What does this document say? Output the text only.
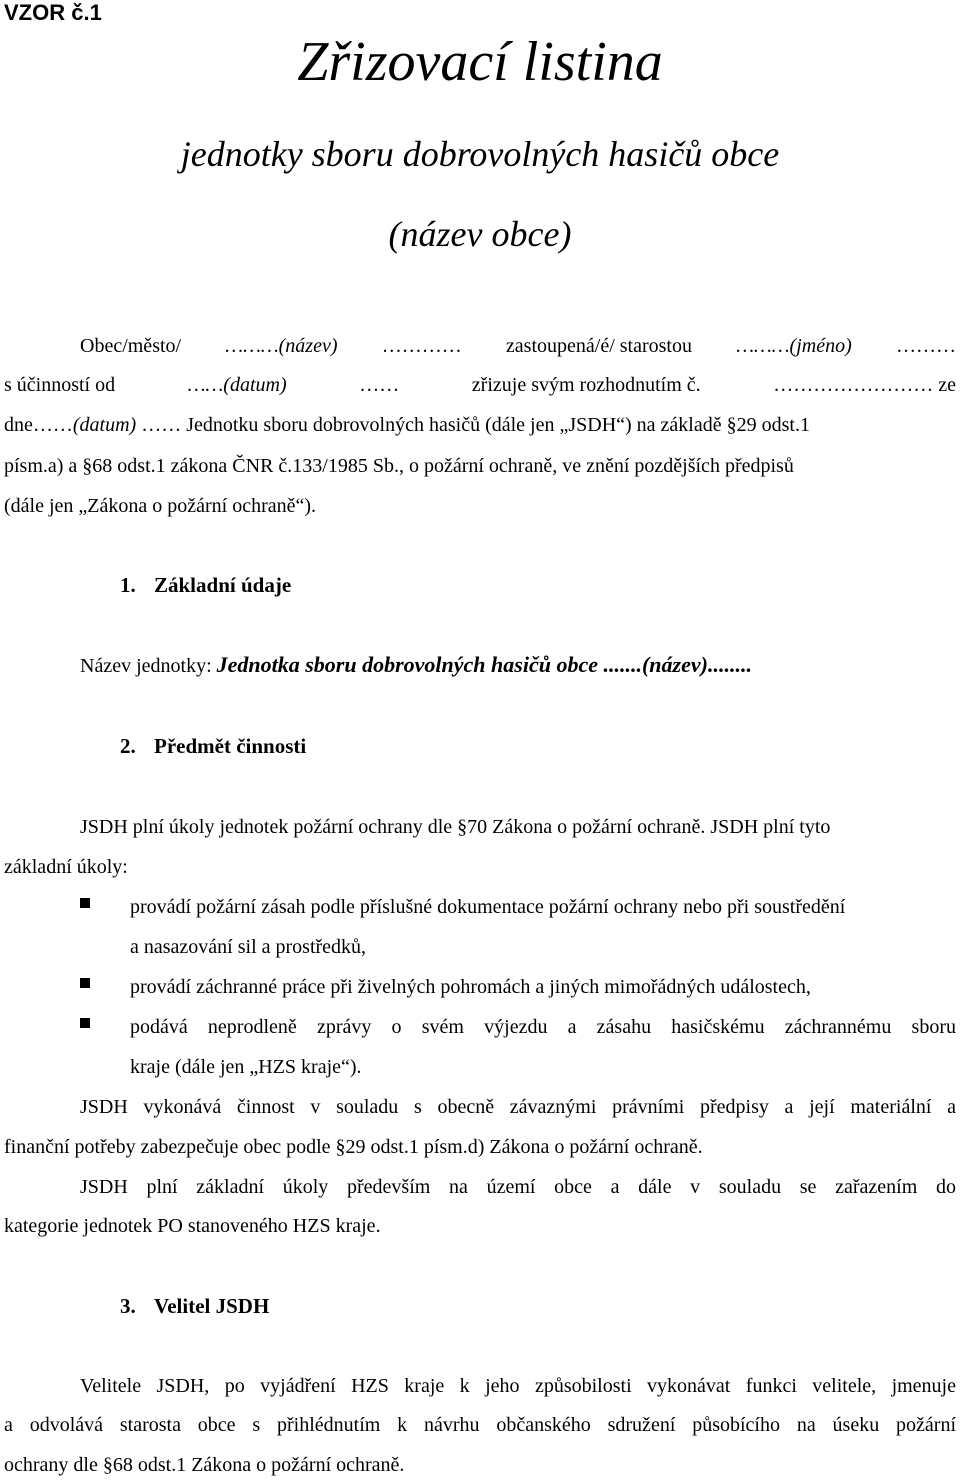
VZOR č.1
Zřizovací listina
jednotky sboru dobrovolných hasičů obce
(název obce)
Obec/město/ ………(název) ………… zastoupená/é/ starostou ………(jméno) ………
s účinností od	……(datum)	……	zřizuje svým rozhodnutím č.	…………………… ze
dne……(datum) …… Jednotku sboru dobrovolných hasičů (dále jen „JSDH“) na základě §29 odst.1
písm.a) a §68 odst.1 zákona ČNR č.133/1985 Sb., o požární ochraně, ve znění pozdějších předpisů
(dále jen „Zákona o požární ochraně“).
1. Základní údaje
Název jednotky: Jednotka sboru dobrovolných hasičů obce .......(název)........
2. Předmět činnosti
JSDH plní úkoly jednotek požární ochrany dle §70 Zákona o požární ochraně. JSDH plní tyto
základní úkoly:
provádí požární zásah podle příslušné dokumentace požární ochrany nebo při soustředění
a nasazování sil a prostředků,
provádí záchranné práce při živelných pohromách a jiných mimořádných událostech,
podává neprodleně zprávy o svém výjezdu a zásahu hasičskému záchrannému sboru
kraje (dále jen „HZS kraje“).
JSDH vykonává činnost v souladu s obecně závaznými právními předpisy a její materiální a
finanční potřeby zabezpečuje obec podle §29 odst.1 písm.d) Zákona o požární ochraně.
JSDH plní základní úkoly především na území obce a dále v souladu se zařazením do
kategorie jednotek PO stanoveného HZS kraje.
3. Velitel JSDH
Velitele JSDH, po vyjádření HZS kraje k jeho způsobilosti vykonávat funkci velitele, jmenuje
a odvolává starosta obce s přihlédnutím k návrhu občanského sdružení působícího na úseku požární
ochrany dle §68 odst.1 Zákona o požární ochraně.
